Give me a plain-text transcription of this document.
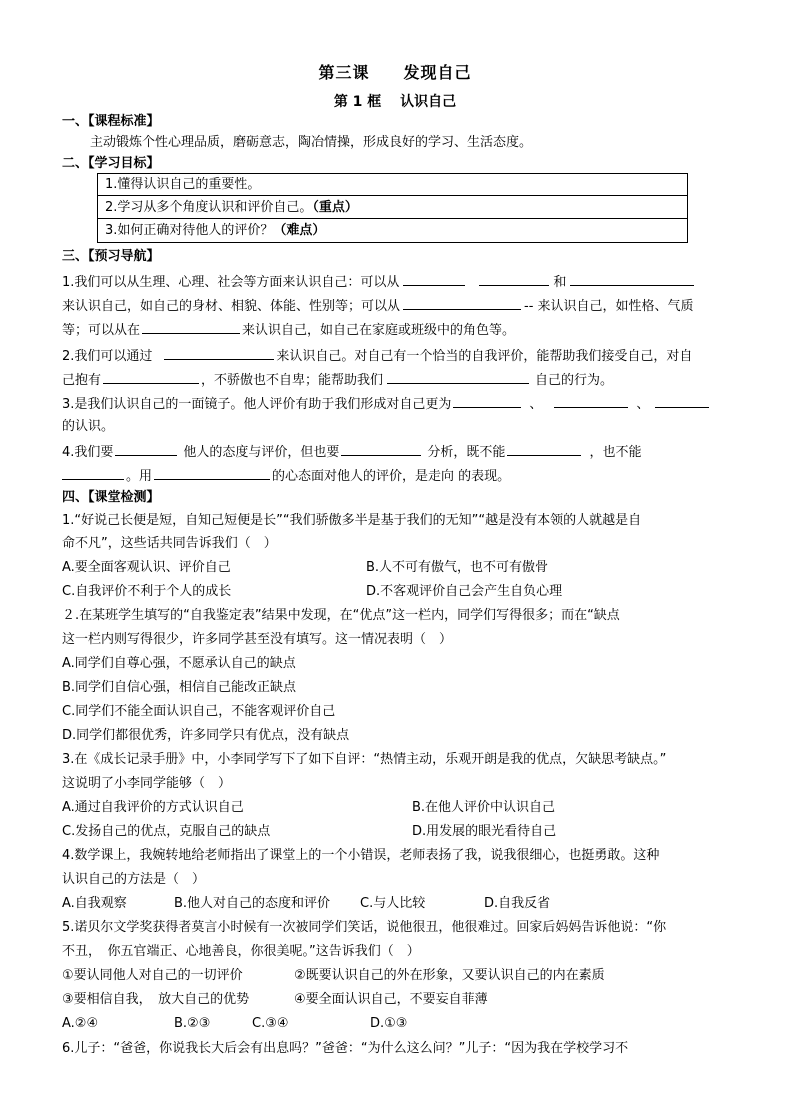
第三课　　发现自己
第 1 框　 认识自己
一、【课程标准】
主动锻炼个性心理品质，磨砺意志，陶冶情操，形成良好的学习、生活态度。
二、【学习目标】
1.懂得认识自己的重要性。
2.学习从多个角度认识和评价自己。（重点）
3.如何正确对待他人的评价？（难点）
三、【预习导航】
1.我们可以从生理、心理、社会等方面来认识自己：可以从	和
来认识自己，如自己的身材、相貌、体能、性别等；可以从	-- 来认识自己，如性格、气质
等；可以从在	来认识自己，如自己在家庭或班级中的角色等。
2.我们可以通过	来认识自己。对自己有一个恰当的自我评价，能帮助我们接受自己，对自
己抱有	，不骄傲也不自卑；能帮助我们	自己的行为。
3.是我们认识自己的一面镜子。他人评价有助于我们形成对自己更为	、	、
的认识。
4.我们要	他人的态度与评价，但也要	分析，既不能	，也不能
。用	的心态面对他人的评价，是走向 的表现。
四、【课堂检测】
1.“好说己长便是短，自知己短便是长”“我们骄傲多半是基于我们的无知”“越是没有本领的人就越是自
命不凡”，这些话共同告诉我们（　）
A.要全面客观认识、评价自己	B.人不可有傲气，也不可有傲骨
C.自我评价不利于个人的成长	D.不客观评价自己会产生自负心理
２.在某班学生填写的“自我鉴定表”结果中发现，在“优点”这一栏内，同学们写得很多；而在“缺点
这一栏内则写得很少，许多同学甚至没有填写。这一情况表明（　）
A.同学们自尊心强，不愿承认自己的缺点
B.同学们自信心强，相信自己能改正缺点
C.同学们不能全面认识自己，不能客观评价自己
D.同学们都很优秀，许多同学只有优点，没有缺点
3.在《成长记录手册》中，小李同学写下了如下自评：“热情主动，乐观开朗是我的优点，欠缺思考缺点。”
这说明了小李同学能够（　）
A.通过自我评价的方式认识自己	B.在他人评价中认识自己
C.发扬自己的优点，克服自己的缺点	D.用发展的眼光看待自己
4.数学课上，我婉转地给老师指出了课堂上的一个小错误，老师表扬了我，说我很细心，也挺勇敢。这种
认识自己的方法是（　）
A.自我观察	B.他人对自己的态度和评价 C.与人比较	D.自我反省
5.诺贝尔文学奖获得者莫言小时候有一次被同学们笑话，说他很丑，他很难过。回家后妈妈告诉他说：“你
不丑，　你五官端正、心地善良，你很美呢。”这告诉我们（　）
①要认同他人对自己的一切评价	②既要认识自己的外在形象，又要认识自己的内在素质
③要相信自我，　放大自己的优势	④要全面认识自己，不要妄自菲薄
A.②④	B.②③	C.③④	D.①③
6.儿子：“爸爸，你说我长大后会有出息吗？”爸爸：“为什么这么问？”儿子：“因为我在学校学习不
